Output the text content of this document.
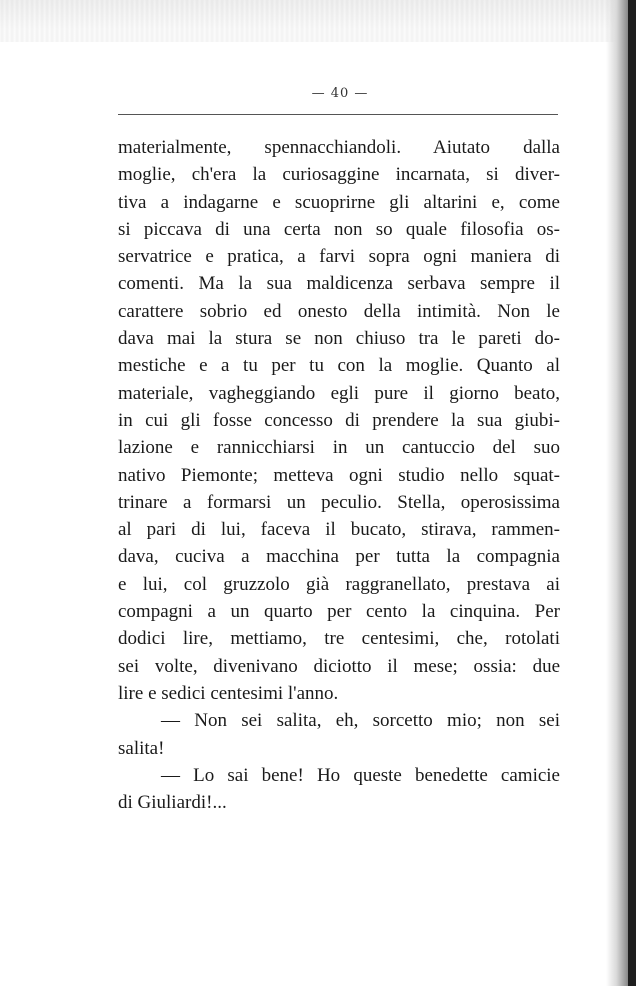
— 40 —
materialmente, spennacchiandoli. Aiutato dalla
moglie, ch'era la curiosaggine incarnata, si diver-
tiva a indagarne e scuoprirne gli altarini e, come
si piccava di una certa non so quale filosofia os-
servatrice e pratica, a farvi sopra ogni maniera di
comenti. Ma la sua maldicenza serbava sempre il
carattere sobrio ed onesto della intimità. Non le
dava mai la stura se non chiuso tra le pareti do-
mestiche e a tu per tu con la moglie. Quanto al
materiale, vagheggiando egli pure il giorno beato,
in cui gli fosse concesso di prendere la sua giubi-
lazione e rannicchiarsi in un cantuccio del suo
nativo Piemonte; metteva ogni studio nello squat-
trinare a formarsi un peculio. Stella, operosissima
al pari di lui, faceva il bucato, stirava, rammen-
dava, cuciva a macchina per tutta la compagnia
e lui, col gruzzolo già raggranellato, prestava ai
compagni a un quarto per cento la cinquina. Per
dodici lire, mettiamo, tre centesimi, che, rotolati
sei volte, divenivano diciotto il mese; ossia: due
lire e sedici centesimi l'anno.
— Non sei salita, eh, sorcetto mio; non sei
salita!
— Lo sai bene! Ho queste benedette camicie
di Giuliardi!...
